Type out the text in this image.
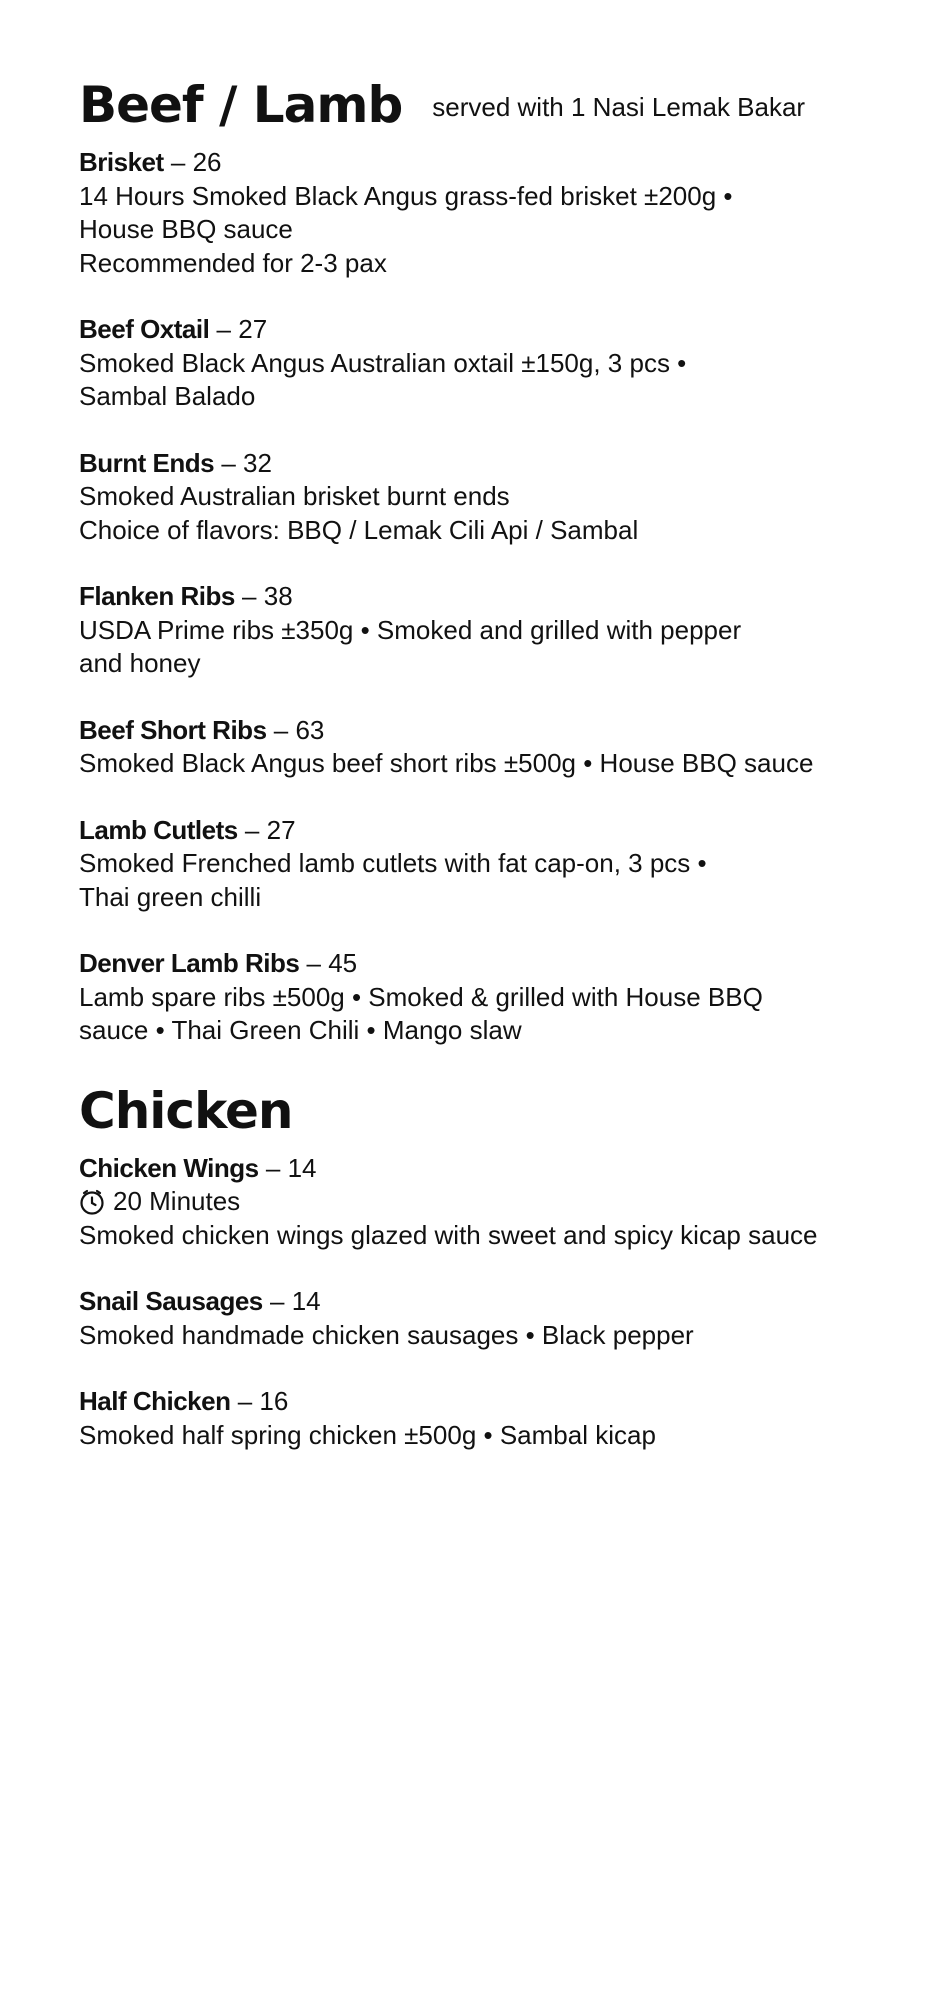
Beef / Lamb served with 1 Nasi Lemak Bakar

Brisket – 26

14 Hours Smoked Black Angus grass-fed brisket ±200g •

House BBQ sauce

Recommended for 2-3 pax

Beef Oxtail – 27

Smoked Black Angus Australian oxtail ±150g, 3 pcs •

Sambal Balado

Burnt Ends – 32

Smoked Australian brisket burnt ends

Choice of flavors: BBQ / Lemak Cili Api / Sambal

Flanken Ribs – 38

USDA Prime ribs ±350g • Smoked and grilled with pepper

and honey

Beef Short Ribs – 63

Smoked Black Angus beef short ribs ±500g • House BBQ sauce

Lamb Cutlets – 27

Smoked Frenched lamb cutlets with fat cap-on, 3 pcs •

Thai green chilli

Denver Lamb Ribs – 45

Lamb spare ribs ±500g • Smoked & grilled with House BBQ

sauce • Thai Green Chili • Mango slaw

Chicken

Chicken Wings – 14

20 Minutes

Smoked chicken wings glazed with sweet and spicy kicap sauce

Snail Sausages – 14

Smoked handmade chicken sausages • Black pepper

Half Chicken – 16

Smoked half spring chicken ±500g • Sambal kicap
